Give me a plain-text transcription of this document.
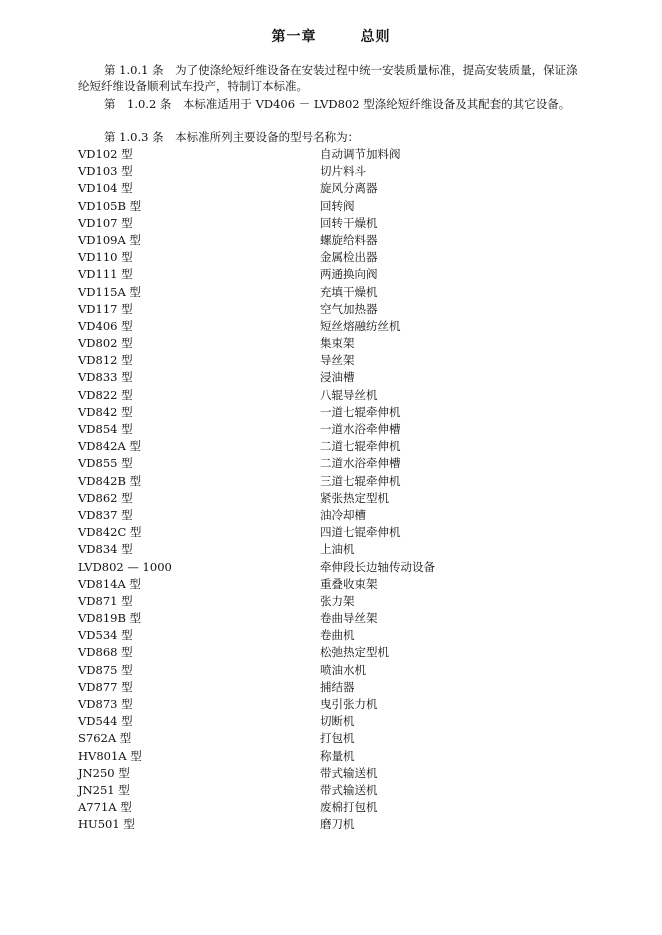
第一章	总则

第 1.0.1 条　为了使涤纶短纤维设备在安装过程中统一安装质量标准，提高安装质量，保证涤纶短纤维设备顺利试车投产，特制订本标准。

第　1.0.2 条　本标准适用于 VD406 － LVD802 型涤纶短纤维设备及其配套的其它设备。

第 1.0.3 条　本标准所列主要设备的型号名称为：

VD102 型	自动调节加料阀
VD103 型	切片料斗
VD104 型	旋风分离器
VD105B 型	回转阀
VD107 型	回转干燥机
VD109A 型	螺旋给料器
VD110 型	金属检出器
VD111 型	两通换向阀
VD115A 型	充填干燥机
VD117 型	空气加热器
VD406 型	短丝熔融纺丝机
VD802 型	集束架
VD812 型	导丝架
VD833 型	浸油槽
VD822 型	八辊导丝机
VD842 型	一道七辊牵伸机
VD854 型	一道水浴牵伸槽
VD842A 型	二道七辊牵伸机
VD855 型	二道水浴牵伸槽
VD842B 型	三道七辊牵伸机
VD862 型	紧张热定型机
VD837 型	油冷却槽
VD842C 型	四道七锟牵伸机
VD834 型	上油机
LVD802 — 1000	牵伸段长边轴传动设备
VD814A 型	重叠收束架
VD871 型	张力架
VD819B 型	卷曲导丝架
VD534 型	卷曲机
VD868 型	松弛热定型机
VD875 型	喷油水机
VD877 型	捕结器
VD873 型	曳引张力机
VD544 型	切断机
S762A 型	打包机
HV801A 型	称量机
JN250 型	带式输送机
JN251 型	带式输送机
A771A 型	废棉打包机
HU501 型	磨刀机
